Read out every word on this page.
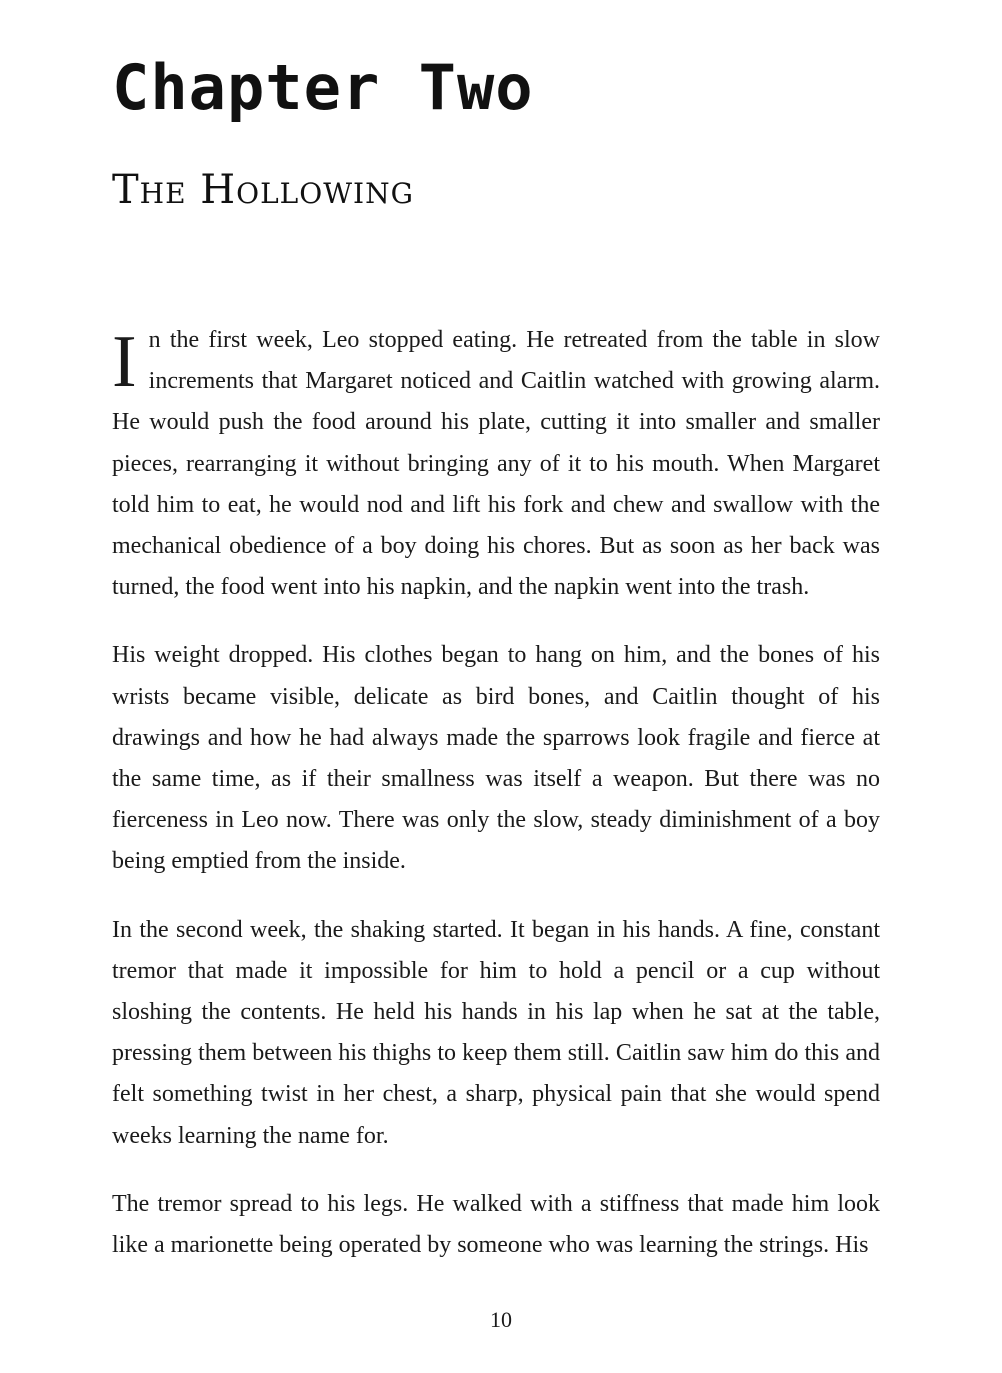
Chapter Two
The Hollowing

In the first week, Leo stopped eating. He retreated from the table in slow increments that Margaret noticed and Caitlin watched with growing alarm. He would push the food around his plate, cutting it into smaller and smaller pieces, rearranging it without bringing any of it to his mouth. When Margaret told him to eat, he would nod and lift his fork and chew and swallow with the mechanical obedience of a boy doing his chores. But as soon as her back was turned, the food went into his napkin, and the napkin went into the trash.

His weight dropped. His clothes began to hang on him, and the bones of his wrists became visible, delicate as bird bones, and Caitlin thought of his drawings and how he had always made the sparrows look fragile and fierce at the same time, as if their smallness was itself a weapon. But there was no fierceness in Leo now. There was only the slow, steady diminishment of a boy being emptied from the inside.

In the second week, the shaking started. It began in his hands. A fine, constant tremor that made it impossible for him to hold a pencil or a cup without sloshing the contents. He held his hands in his lap when he sat at the table, pressing them between his thighs to keep them still. Caitlin saw him do this and felt something twist in her chest, a sharp, physical pain that she would spend weeks learning the name for.

The tremor spread to his legs. He walked with a stiffness that made him look like a marionette being operated by someone who was learning the strings. His

10
